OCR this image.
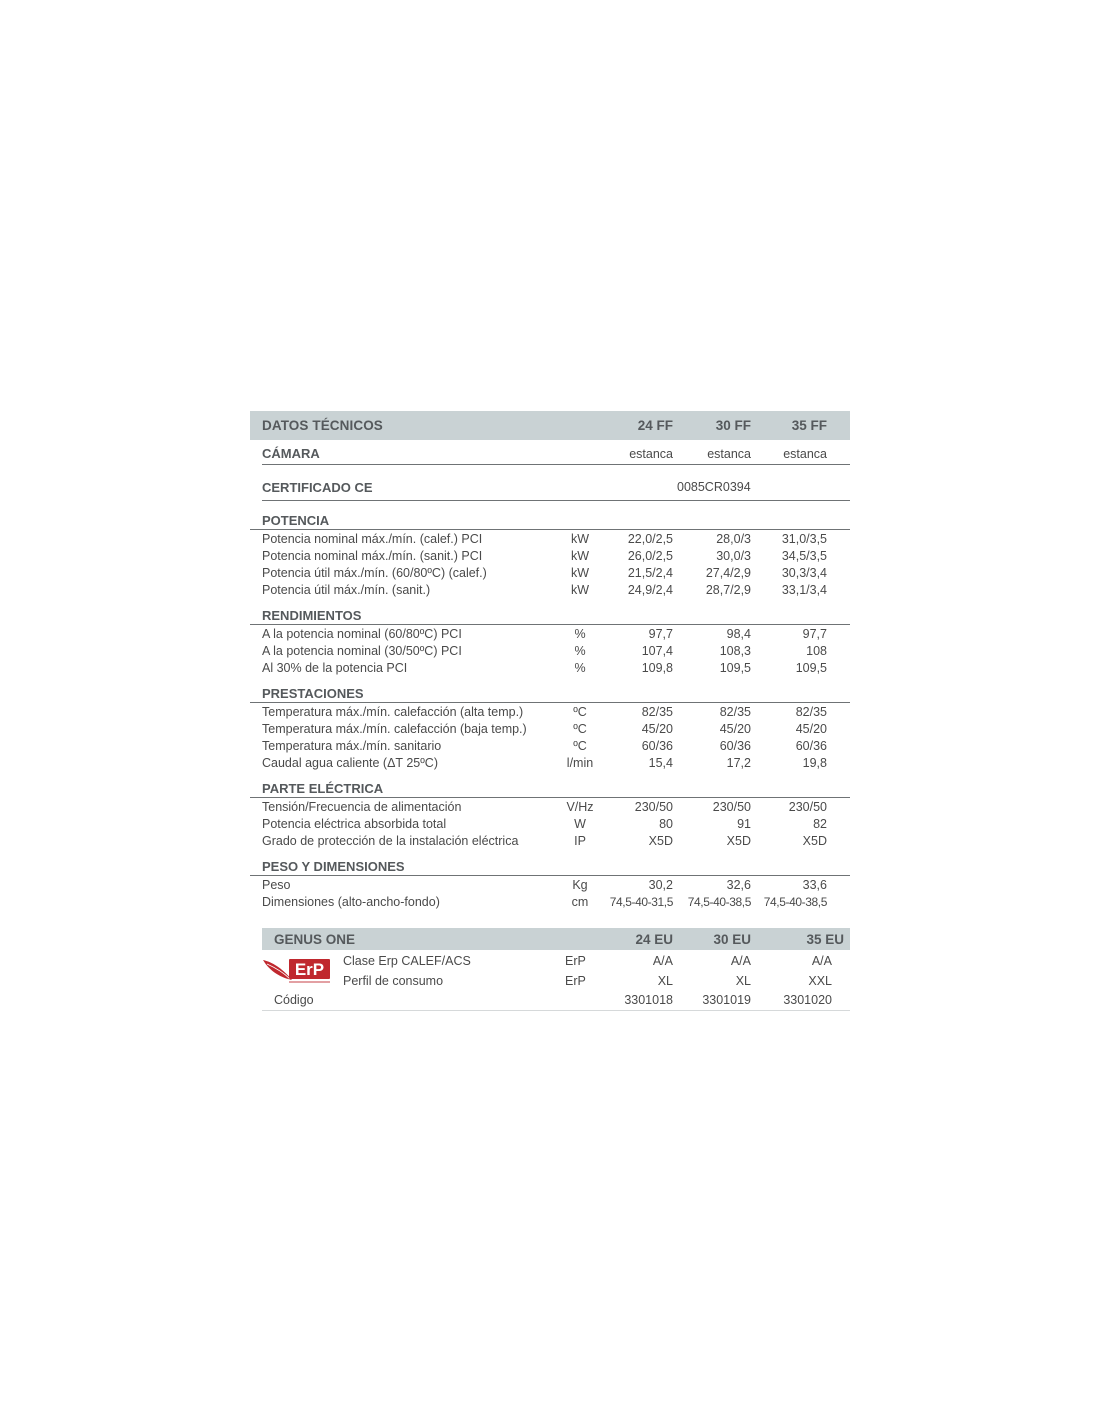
DATOS TÉCNICOS	24 FF	30 FF	35 FF
CÁMARA	estanca	estanca	estanca
CERTIFICADO CE	0085CR0394
POTENCIA
Potencia nominal máx./mín. (calef.) PCI	kW	22,0/2,5	28,0/3	31,0/3,5
Potencia nominal máx./mín. (sanit.) PCI	kW	26,0/2,5	30,0/3	34,5/3,5
Potencia útil máx./mín. (60/80ºC) (calef.)	kW	21,5/2,4	27,4/2,9	30,3/3,4
Potencia útil máx./mín. (sanit.)	kW	24,9/2,4	28,7/2,9	33,1/3,4
RENDIMIENTOS
A la potencia nominal (60/80ºC) PCI	%	97,7	98,4	97,7
A la potencia nominal (30/50ºC) PCI	%	107,4	108,3	108
Al 30% de la potencia PCI	%	109,8	109,5	109,5
PRESTACIONES
Temperatura máx./mín. calefacción (alta temp.)	ºC	82/35	82/35	82/35
Temperatura máx./mín. calefacción (baja temp.)	ºC	45/20	45/20	45/20
Temperatura máx./mín. sanitario	ºC	60/36	60/36	60/36
Caudal agua caliente (ΔT 25ºC)	l/min	15,4	17,2	19,8
PARTE ELÉCTRICA
Tensión/Frecuencia de alimentación	V/Hz	230/50	230/50	230/50
Potencia eléctrica absorbida total	W	80	91	82
Grado de protección de la instalación eléctrica	IP	X5D	X5D	X5D
PESO Y DIMENSIONES
Peso	Kg	30,2	32,6	33,6
Dimensiones (alto-ancho-fondo)	cm	74,5-40-31,5	74,5-40-38,5	74,5-40-38,5
GENUS ONE	24 EU	30 EU	35 EU
ErP Clase Erp CALEF/ACS	ErP	A/A	A/A	A/A
Perfil de consumo	ErP	XL	XL	XXL
Código	3301018	3301019	3301020
